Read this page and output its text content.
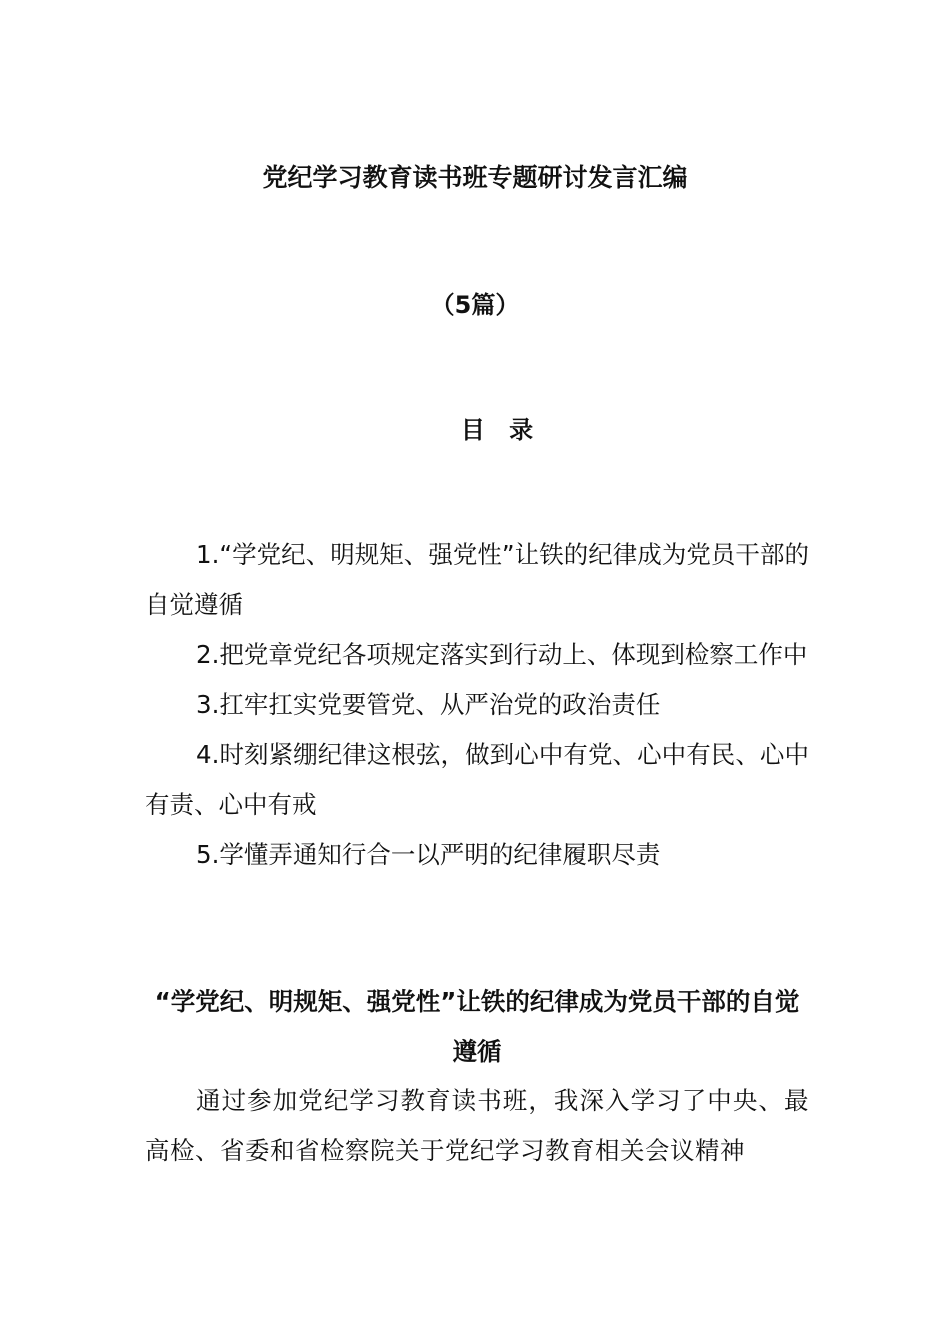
党纪学习教育读书班专题研讨发言汇编
（5篇）
目 录
1.“学党纪、明规矩、强党性”让铁的纪律成为党员干部的自觉遵循
2.把党章党纪各项规定落实到行动上、体现到检察工作中
3.扛牢扛实党要管党、从严治党的政治责任
4.时刻紧绷纪律这根弦，做到心中有党、心中有民、心中有责、心中有戒
5.学懂弄通知行合一以严明的纪律履职尽责
“学党纪、明规矩、强党性”让铁的纪律成为党员干部的自觉遵循

通过参加党纪学习教育读书班，我深入学习了中央、最高检、省委和省检察院关于党纪学习教育相关会议精神
